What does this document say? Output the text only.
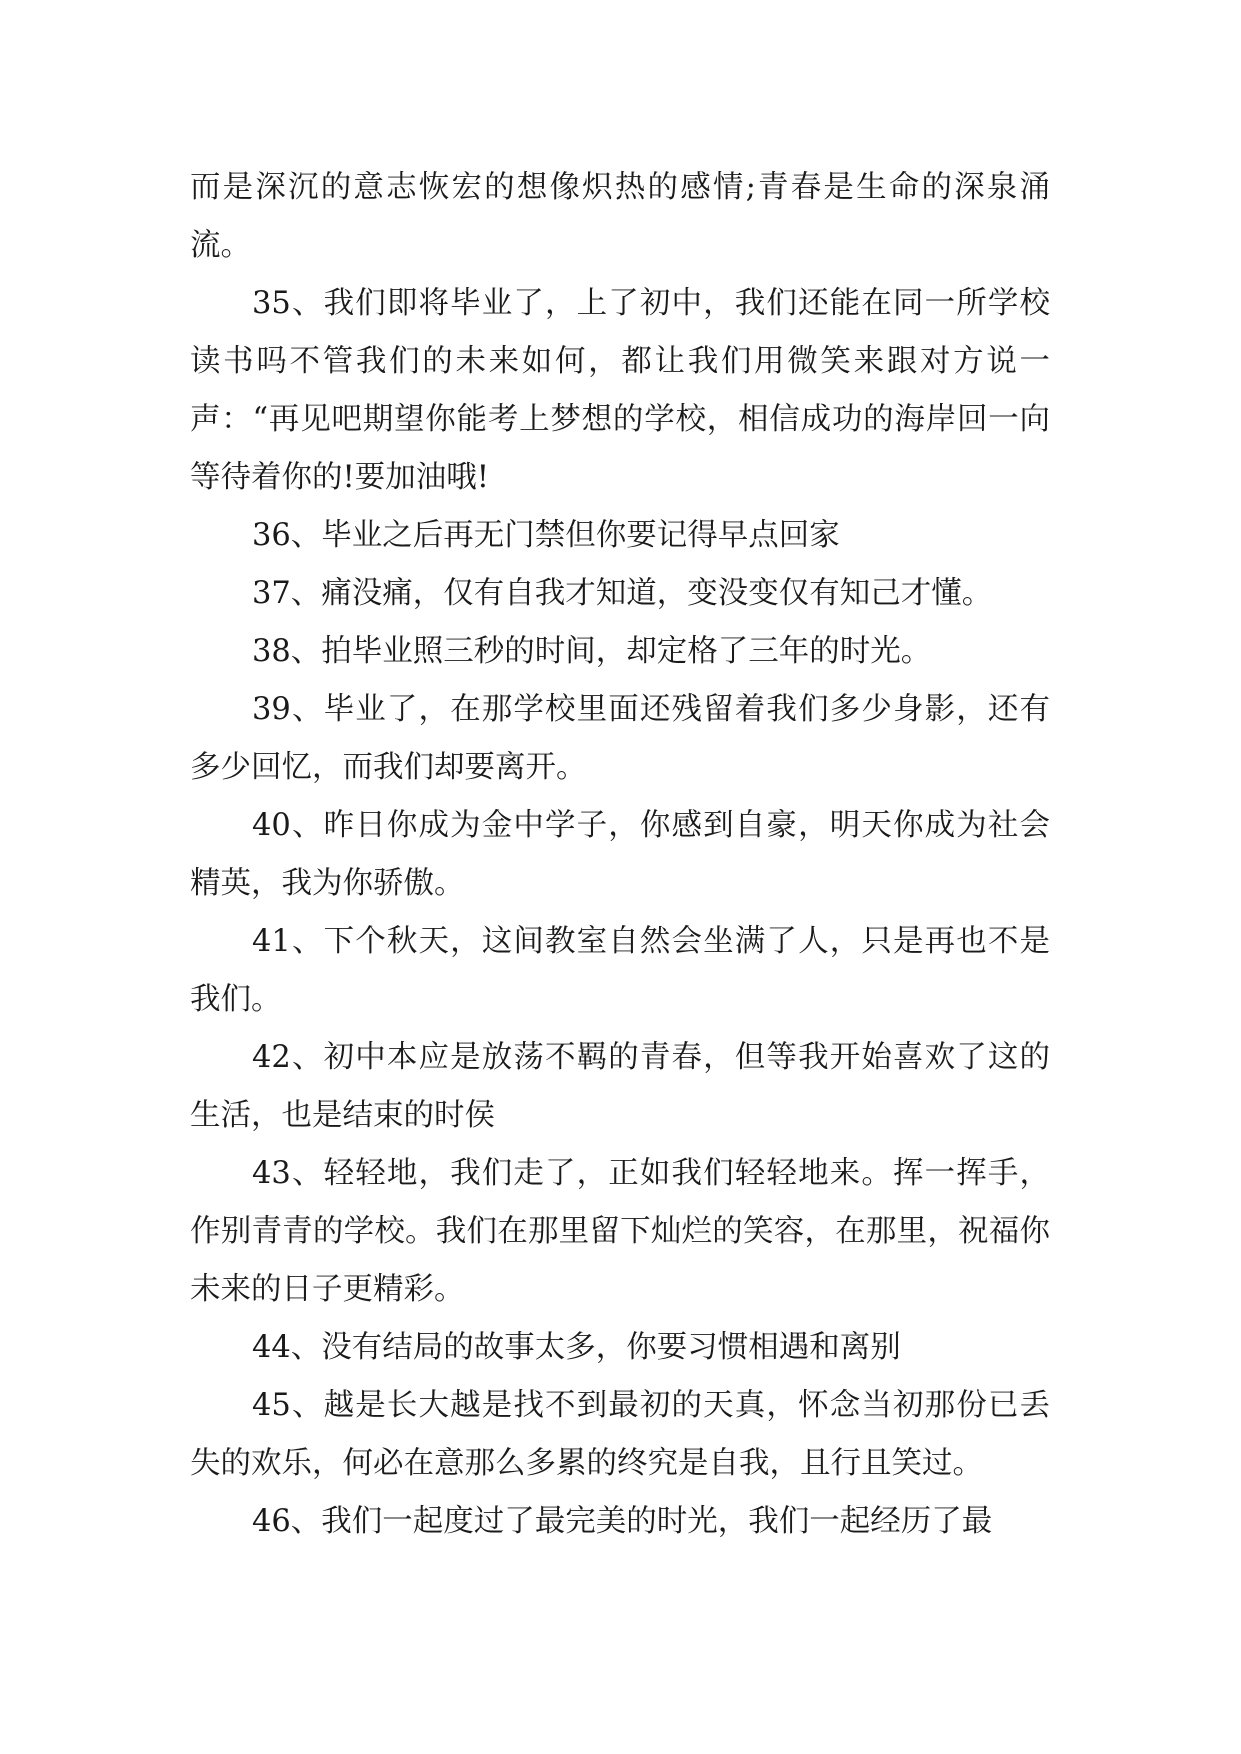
而是深沉的意志恢宏的想像炽热的感情;青春是生命的深泉涌流。

35、我们即将毕业了，上了初中，我们还能在同一所学校读书吗不管我们的未来如何，都让我们用微笑来跟对方说一声：“再见吧期望你能考上梦想的学校，相信成功的海岸回一向等待着你的!要加油哦!

36、毕业之后再无门禁但你要记得早点回家

37、痛没痛，仅有自我才知道，变没变仅有知己才懂。

38、拍毕业照三秒的时间，却定格了三年的时光。

39、毕业了，在那学校里面还残留着我们多少身影，还有多少回忆，而我们却要离开。

40、昨日你成为金中学子，你感到自豪，明天你成为社会精英，我为你骄傲。

41、下个秋天，这间教室自然会坐满了人，只是再也不是我们。

42、初中本应是放荡不羁的青春，但等我开始喜欢了这的生活，也是结束的时侯

43、轻轻地，我们走了，正如我们轻轻地来。挥一挥手，作别青青的学校。我们在那里留下灿烂的笑容，在那里，祝福你未来的日子更精彩。

44、没有结局的故事太多，你要习惯相遇和离别

45、越是长大越是找不到最初的天真，怀念当初那份已丢失的欢乐，何必在意那么多累的终究是自我，且行且笑过。

46、我们一起度过了最完美的时光，我们一起经历了最
